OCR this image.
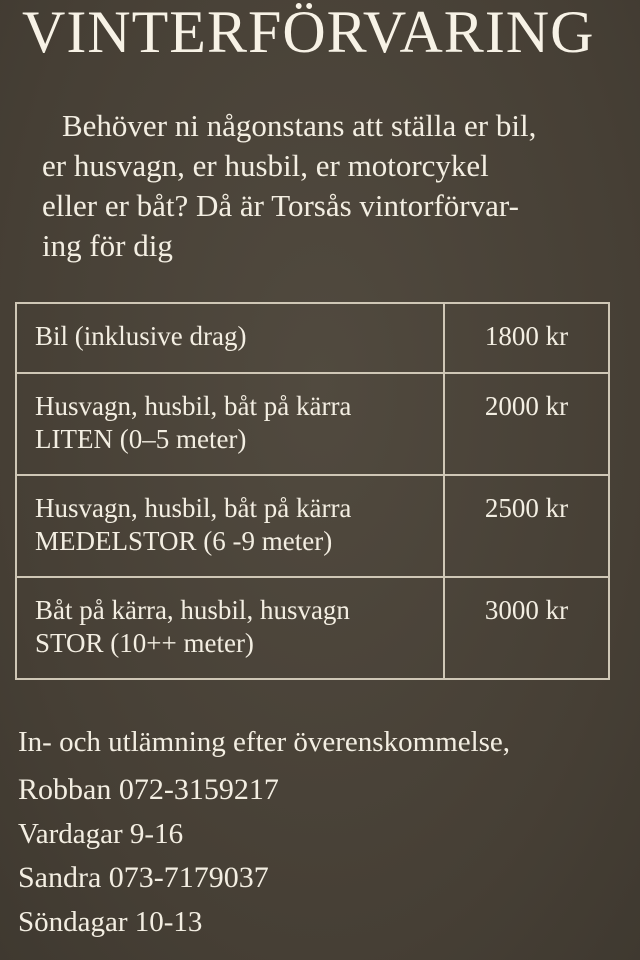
VINTERFÖRVARING
Behöver ni någonstans att ställa er bil,
er husvagn, er husbil, er motorcykel
eller er båt? Då är Torsås vintorförvar-
ing för dig
Bil (inklusive drag)	1800 kr

Husvagn, husbil, båt på kärra
LITEN (0–5 meter)	2000 kr

Husvagn, husbil, båt på kärra
MEDELSTOR (6 -9 meter)	2500 kr

Båt på kärra, husbil, husvagn
STOR (10++ meter)	3000 kr
In- och utlämning efter överenskommelse,
Robban 072-3159217
Vardagar 9-16
Sandra 073-7179037
Söndagar 10-13
